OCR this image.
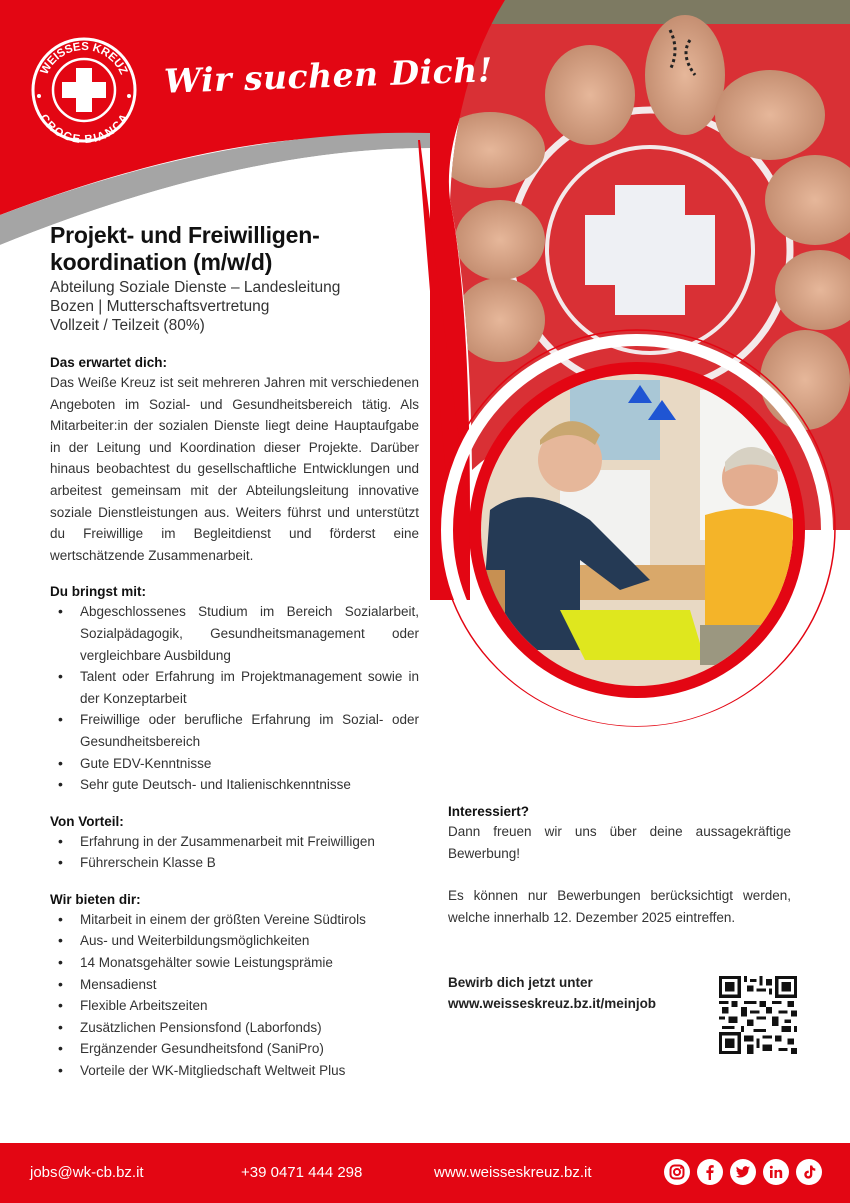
WEISSES KREUZ
CROCE BIANCA
Wir suchen Dich!
Projekt- und Freiwilligen-
koordination (m/w/d)
Abteilung Soziale Dienste – Landesleitung
Bozen | Mutterschaftsvertretung
Vollzeit / Teilzeit (80%)
Das erwartet dich:

Das Weiße Kreuz ist seit mehreren Jahren mit verschiedenen Angeboten im Sozial- und Gesundheitsbereich tätig. Als Mitarbeiter:in der sozialen Dienste liegt deine Hauptaufgabe in der Leitung und Koordination dieser Projekte. Darüber hinaus beobachtest du gesellschaftliche Entwicklungen und arbeitest gemeinsam mit der Abteilungsleitung innovative soziale Dienstleistungen aus. Weiters führst und unterstützt du Freiwillige im Begleitdienst und förderst eine wertschätzende Zusammenarbeit.

Du bringst mit:
• Abgeschlossenes Studium im Bereich Sozialarbeit, Sozialpädagogik, Gesundheitsmanagement oder vergleichbare Ausbildung
• Talent oder Erfahrung im Projektmanagement sowie in der Konzeptarbeit
• Freiwillige oder berufliche Erfahrung im Sozial- oder Gesundheitsbereich
• Gute EDV-Kenntnisse
• Sehr gute Deutsch- und Italienischkenntnisse
Von Vorteil:
• Erfahrung in der Zusammenarbeit mit Freiwilligen
• Führerschein Klasse B
Wir bieten dir:
• Mitarbeit in einem der größten Vereine Südtirols
• Aus- und Weiterbildungsmöglichkeiten
• 14 Monatsgehälter sowie Leistungsprämie
• Mensadienst
• Flexible Arbeitszeiten
• Zusätzlichen Pensionsfond (Laborfonds)
• Ergänzender Gesundheitsfond (SaniPro)
• Vorteile der WK-Mitgliedschaft Weltweit Plus
Interessiert?

Dann freuen wir uns über deine aussagekräftige Bewerbung!

Es können nur Bewerbungen berücksichtigt werden, welche innerhalb 12. Dezember 2025 eintreffen.

Bewirb dich jetzt unter
www.weisseskreuz.bz.it/meinjob
jobs@wk-cb.bz.it	+39 0471 444 298	www.weisseskreuz.bz.it
